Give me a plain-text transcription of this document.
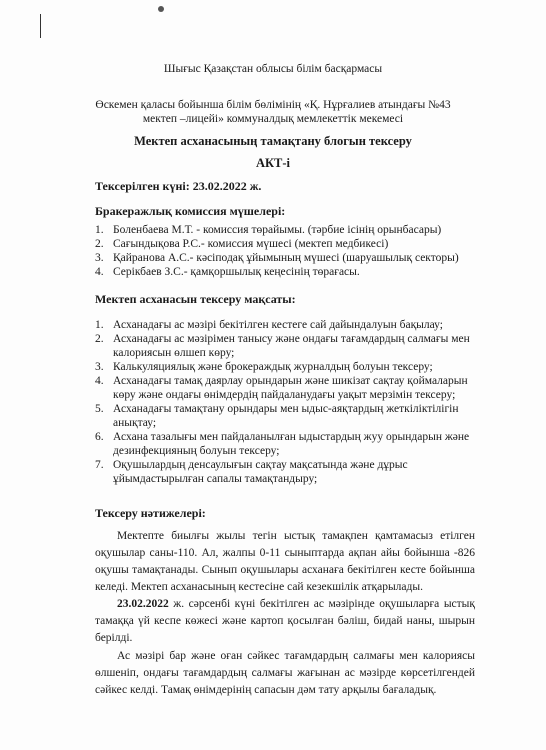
Шығыс Қазақстан облысы білім басқармасы
Өскемен қаласы бойынша білім бөлімінің «Қ. Нұрғалиев атындағы №43
мектеп –лицейі» коммуналдық мемлекеттік мекемесі
Мектеп асханасының тамақтану блогын тексеру
АКТ-і
Тексерілген күні: 23.02.2022 ж.
Бракеражлық комиссия мүшелері:
1. Боленбаева М.Т. - комиссия төрайымы. (тәрбие ісінің орынбасары)
2. Сағындықова Р.С.- комиссия мүшесі (мектеп медбикесі)
3. Қайранова А.С.- кәсіподақ ұйымының мүшесі (шаруашылық секторы)
4. Серікбаев З.С.- қамқоршылық кеңесінің төрағасы.
Мектеп асханасын тексеру мақсаты:
1. Асханадағы ас мәзірі бекітілген кестеге сай дайындалуын бақылау;
2. Асханадағы ас мәзірімен танысу және ондағы тағамдардың салмағы мен калориясын өлшеп көру;
3. Калькуляциялық және брокераждық журналдың болуын тексеру;
4. Асханадағы тамақ даярлау орындарын және шикізат сақтау қоймаларын көру және ондағы өнімдердің пайдаланудағы уақыт мерзімін тексеру;
5. Асханадағы тамақтану орындары мен ыдыс-аяқтардың жеткіліктілігін анықтау;
6. Асхана тазалығы мен пайдаланылған ыдыстардың жуу орындарын және дезинфекцияның болуын тексеру;
7. Оқушылардың денсаулығын сақтау мақсатында және дұрыс ұйымдастырылған сапалы тамақтандыру;
Тексеру нәтижелері:
Мектепте биылғы жылы тегін ыстық тамақпен қамтамасыз етілген оқушылар саны-110. Ал, жалпы 0-11 сыныптарда ақпан айы бойынша -826 оқушы тамақтанады. Сынып оқушылары асханаға бекітілген кесте бойынша келеді. Мектеп асханасының кестесіне сай кезекшілік атқарылады.
23.02.2022 ж. сәрсенбі күні бекітілген ас мәзірінде оқушыларға ыстық тамаққа үй кеспе көжесі және картоп қосылған бәліш, бидай наны, шырын берілді.
Ас мәзірі бар және оған сәйкес тағамдардың салмағы мен калориясы өлшеніп, ондағы тағамдардың салмағы жағынан ас мәзірде көрсетілгендей сәйкес келді. Тамақ өнімдерінің сапасын дәм тату арқылы бағаладық.
